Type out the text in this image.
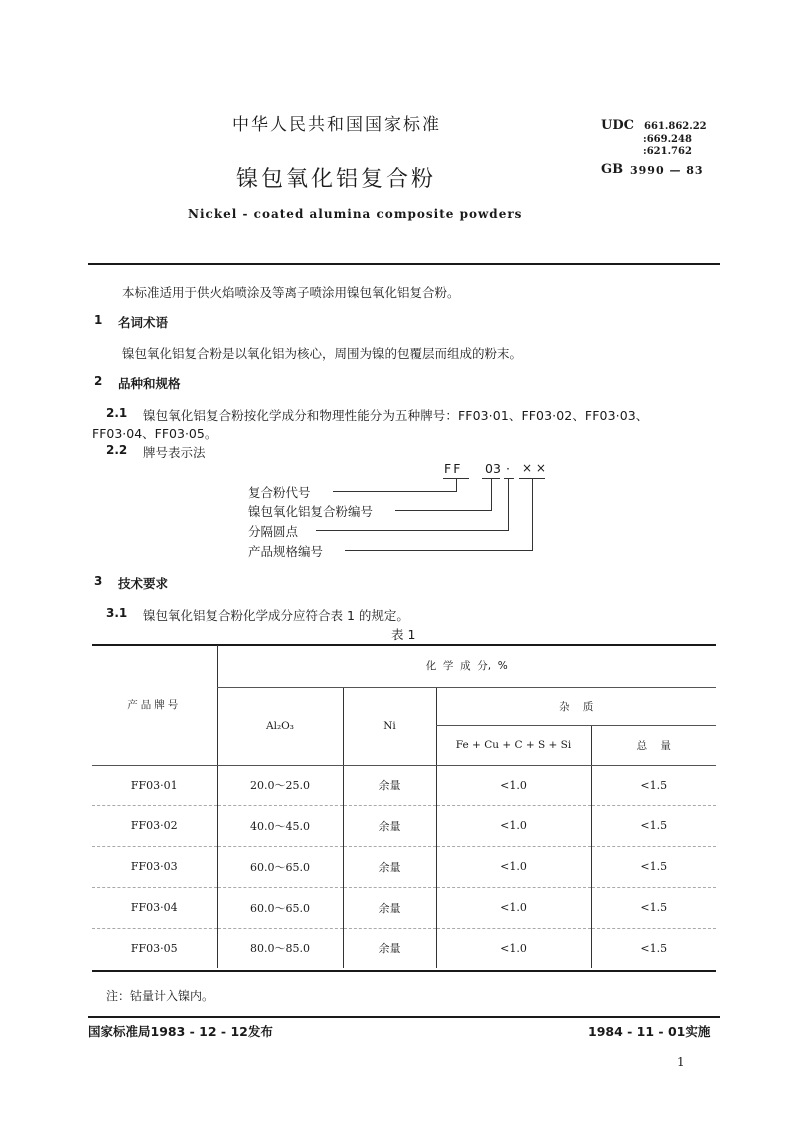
中华人民共和国国家标准	UDC 661.862.22
:669.248
:621.762
GB 3990 — 83
镍包氧化铝复合粉
Nickel - coated alumina composite powders
本标准适用于供火焰喷涂及等离子喷涂用镍包氧化铝复合粉。
1 名词术语
镍包氧化铝复合粉是以氧化铝为核心，周围为镍的包覆层而组成的粉末。
2 品种和规格
2.1 镍包氧化铝复合粉按化学成分和物理性能分为五种牌号：FF03·01、FF03·02、FF03·03、
FF03·04、FF03·05。
2.2 牌号表示法
FF 03 · × ×
复合粉代号
镍包氧化铝复合粉编号
分隔圆点
产品规格编号
3 技术要求
3.1 镍包氧化铝复合粉化学成分应符合表 1 的规定。
表 1
产品牌号	化  学  成  分,  %			
	Al₂O₃	Ni	杂    质	
			Fe + Cu + C + S + Si	总    量
FF03·01	20.0～25.0	余量	<1.0	<1.5
FF03·02	40.0～45.0	余量	<1.0	<1.5
FF03·03	60.0～65.0	余量	<1.0	<1.5
FF03·04	60.0～65.0	余量	<1.0	<1.5
FF03·05	80.0～85.0	余量	<1.0	<1.5
注：钴量计入镍内。
国家标准局1983 - 12 - 12发布	1984 - 11 - 01实施
1
